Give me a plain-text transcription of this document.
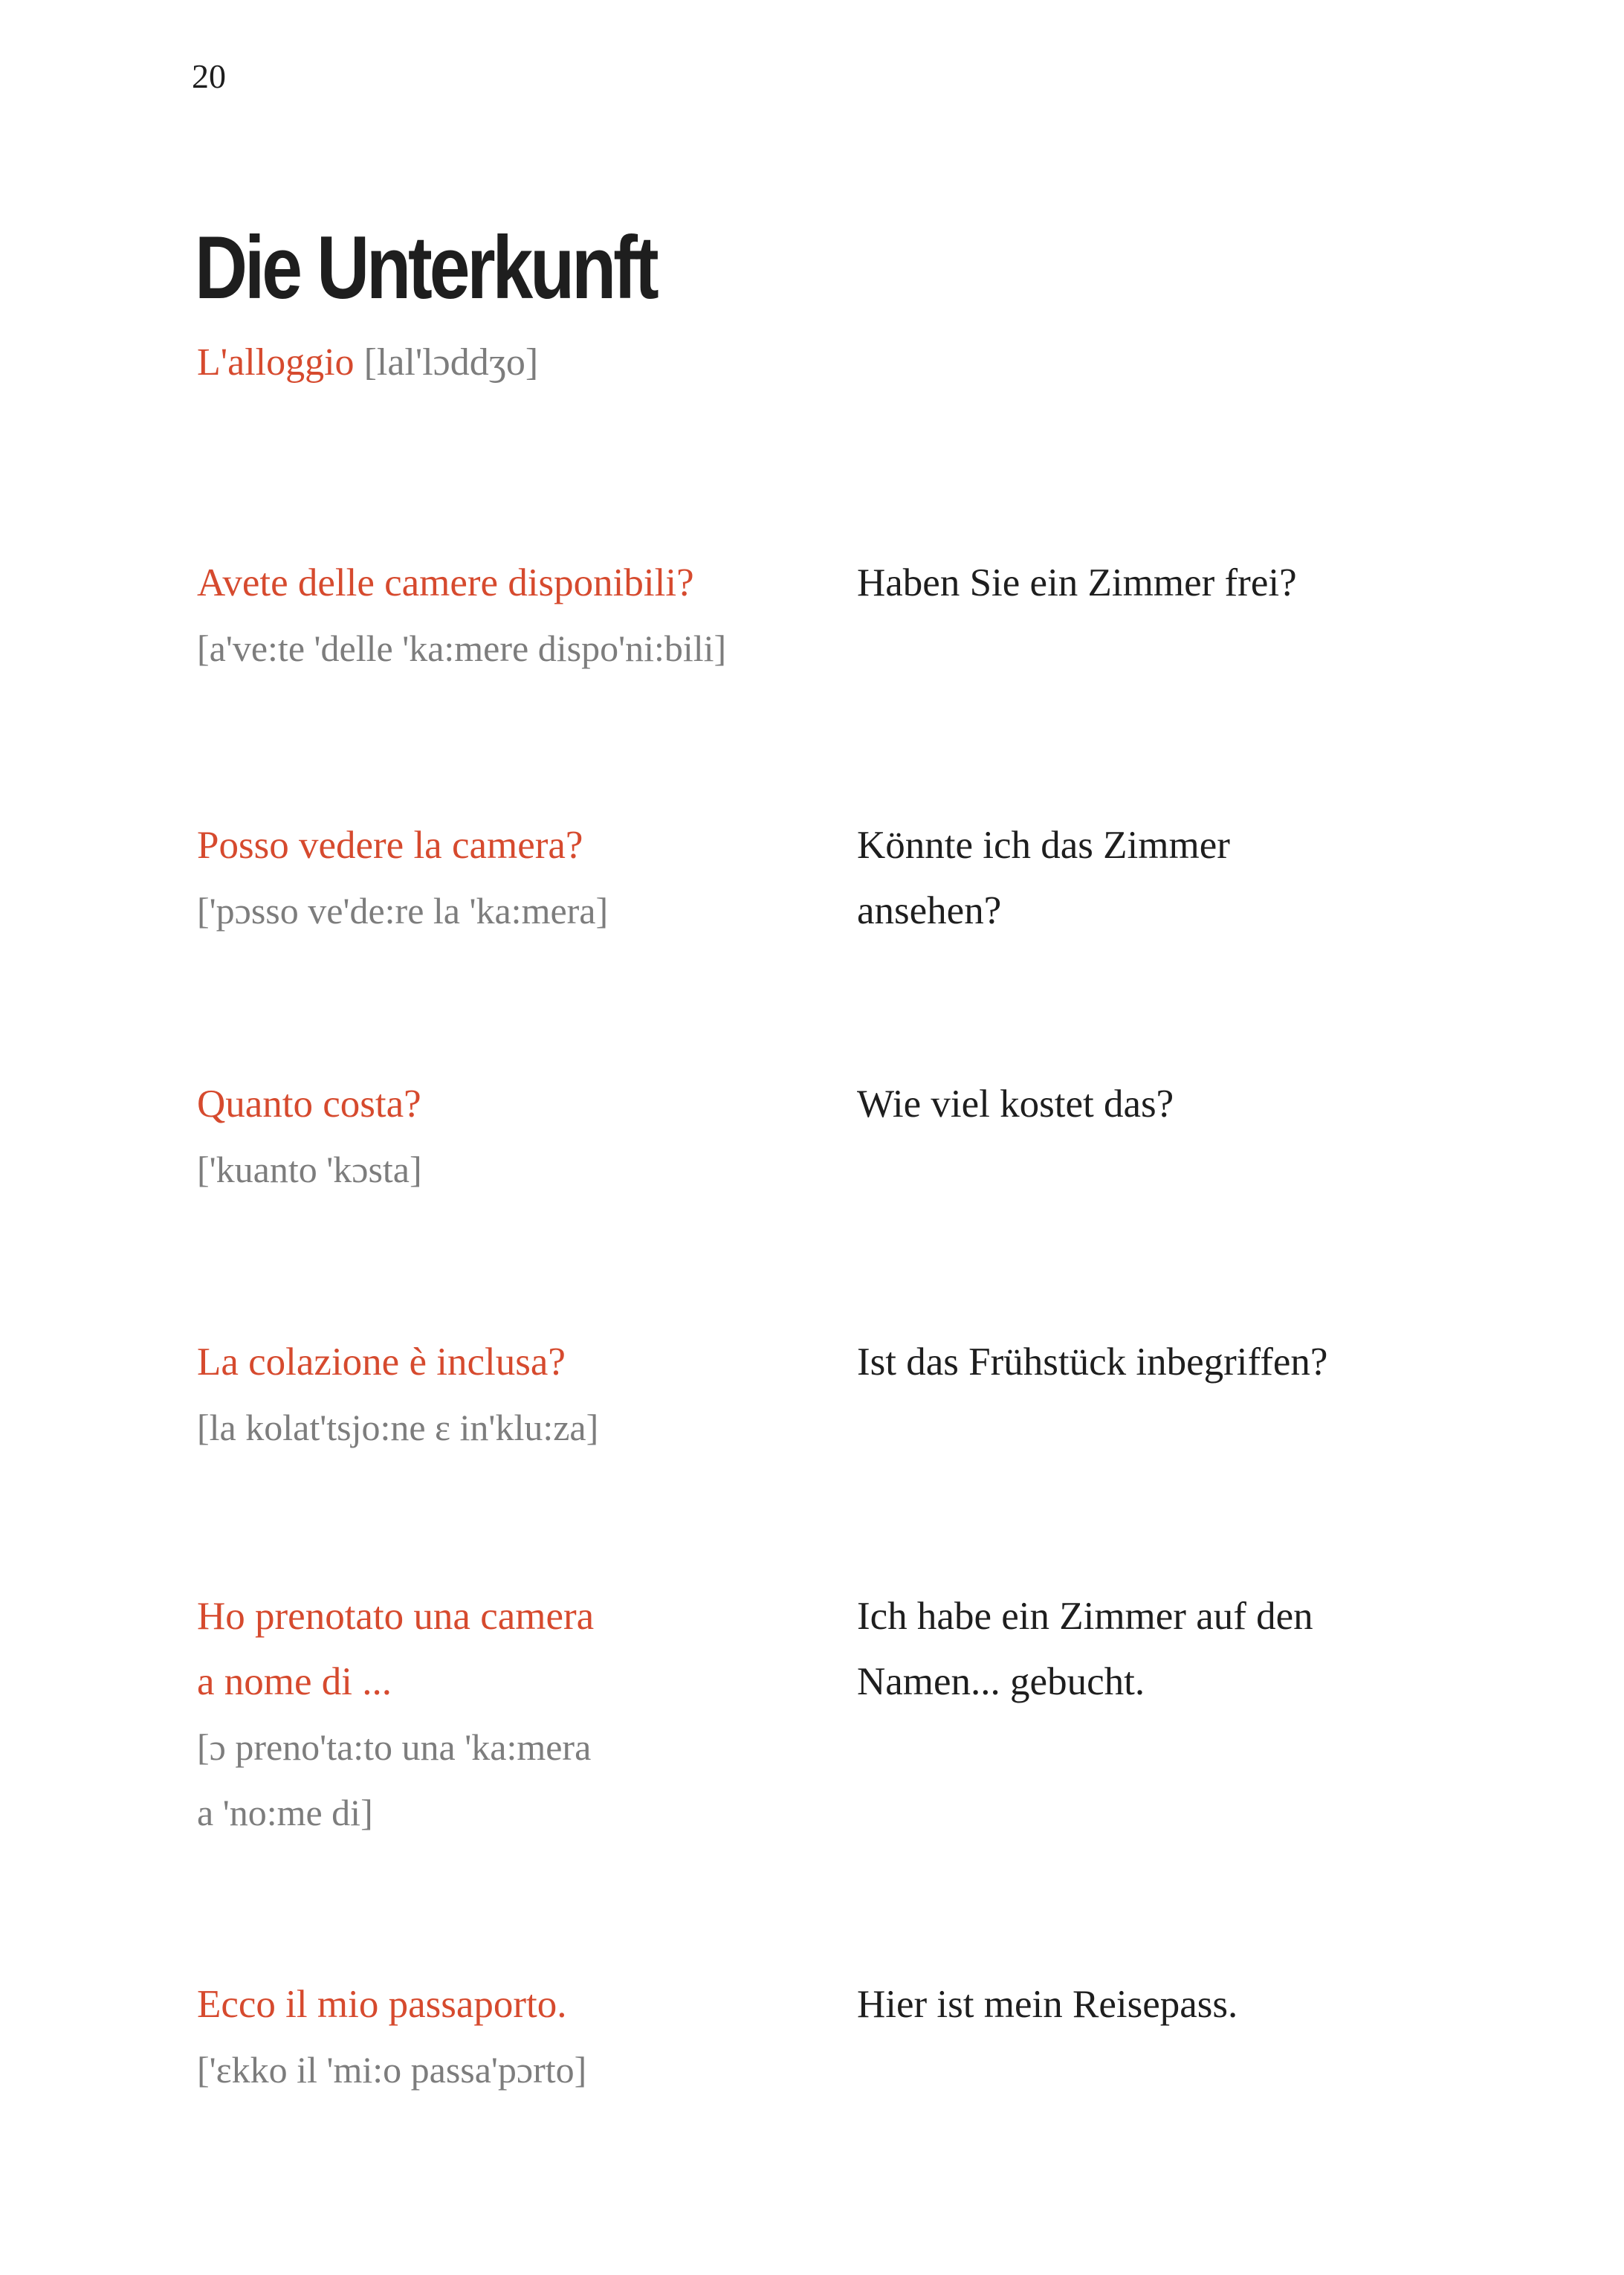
20
Die Unterkunft
L'alloggio [lal'lɔddʒo]
Avete delle camere disponibili?
[a've:te 'delle 'ka:mere dispo'ni:bili]
Haben Sie ein Zimmer frei?
Posso vedere la camera?
['pɔsso ve'de:re la 'ka:mera]
Könnte ich das Zimmer
ansehen?
Quanto costa?
['kuanto 'kɔsta]
Wie viel kostet das?
La colazione è inclusa?
[la kolat'tsjo:ne ɛ in'klu:za]
Ist das Frühstück inbegriffen?
Ho prenotato una camera
a nome di ...
[ɔ preno'ta:to una 'ka:mera
a 'no:me di]
Ich habe ein Zimmer auf den
Namen... gebucht.
Ecco il mio passaporto.
['ɛkko il 'mi:o passa'pɔrto]
Hier ist mein Reisepass.
